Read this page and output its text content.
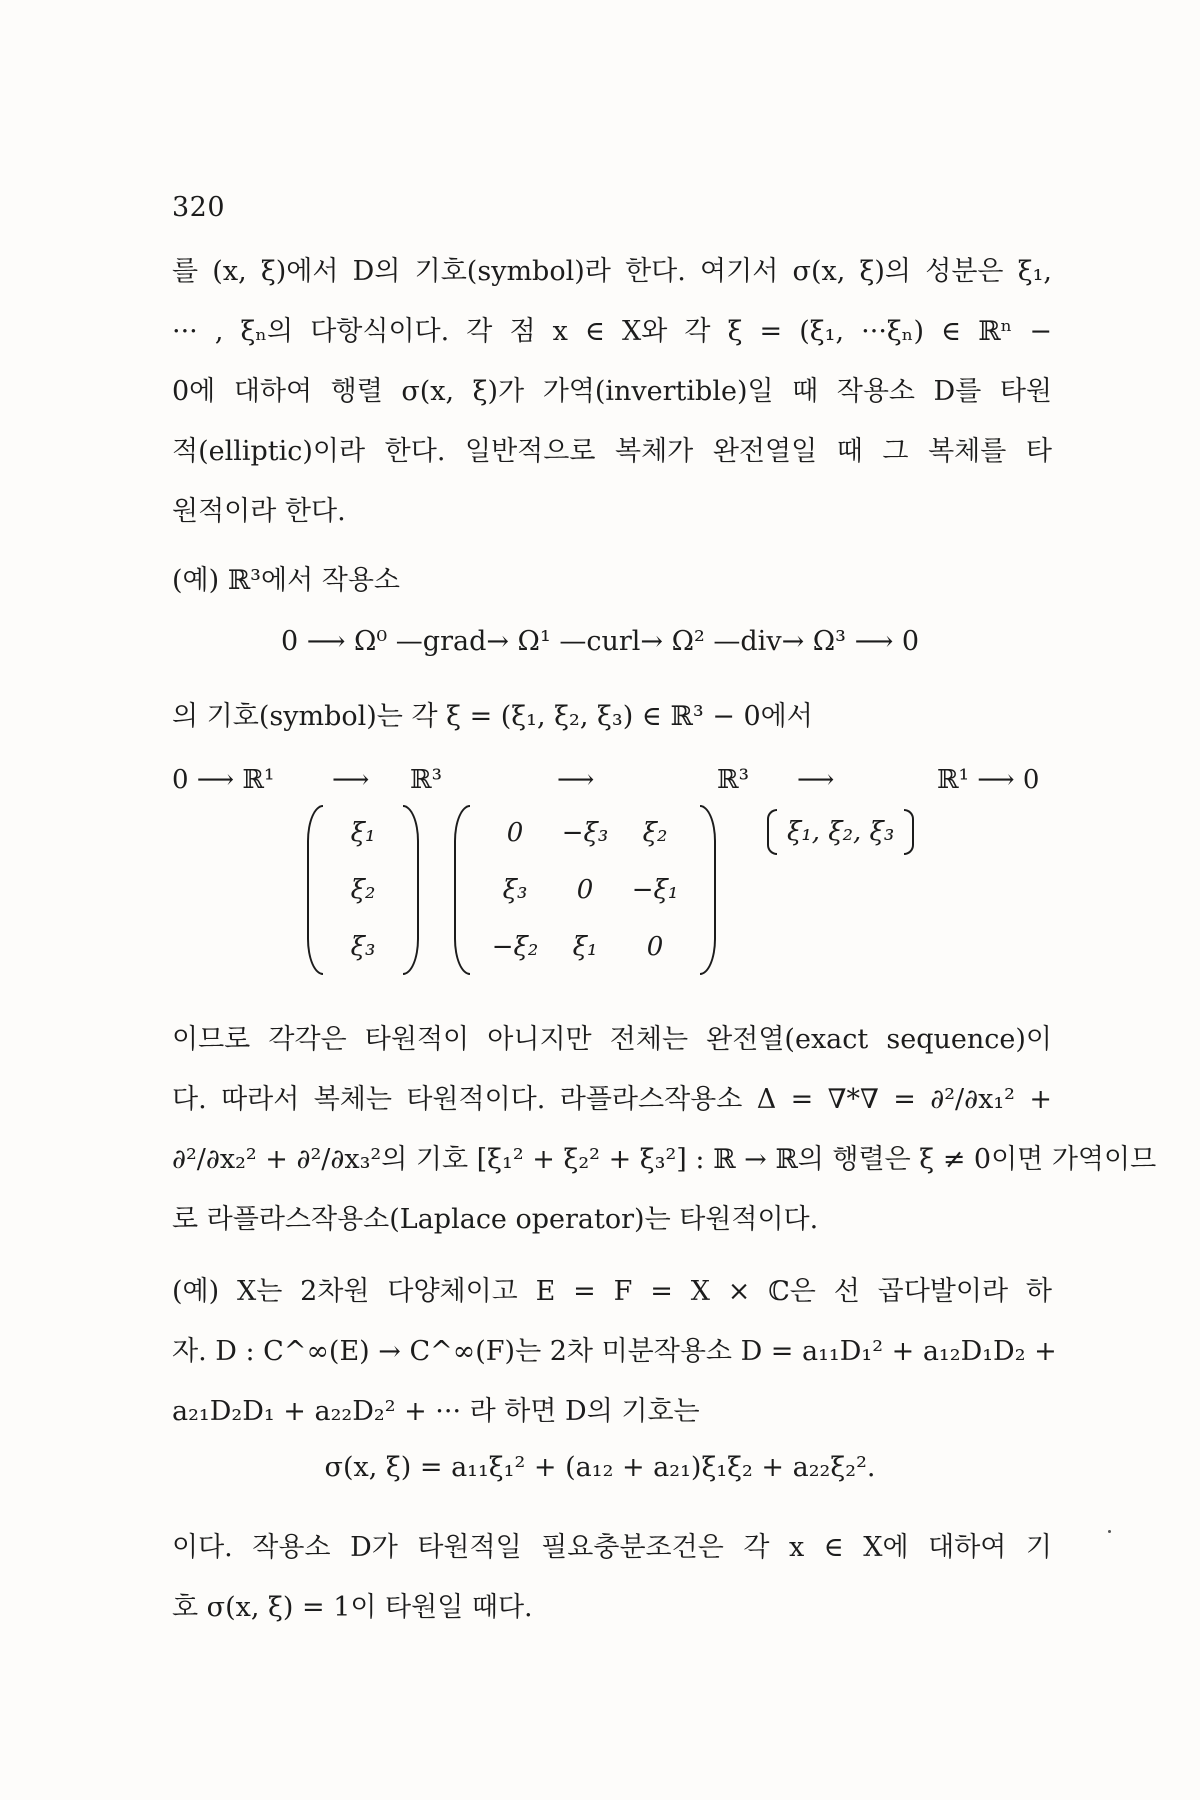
320
를 (x, ξ)에서 D의 기호(symbol)라 한다. 여기서 σ(x, ξ)의 성분은 ξ₁,
··· , ξₙ의 다항식이다. 각 점 x ∈ X와 각 ξ = (ξ₁, ···ξₙ) ∈ ℝⁿ −
0에 대하여 행렬 σ(x, ξ)가 가역(invertible)일 때 작용소 D를 타원
적(elliptic)이라 한다. 일반적으로 복체가 완전열일 때 그 복체를 타
원적이라 한다.
(예) ℝ³에서 작용소
0 ⟶ Ω⁰ —grad→ Ω¹ —curl→ Ω² —div→ Ω³ ⟶ 0
의 기호(symbol)는 각 ξ = (ξ₁, ξ₂, ξ₃) ∈ ℝ³ − 0에서
0 ⟶ ℝ¹ ⟶ ℝ³	⟶	ℝ³ ⟶	ℝ¹ ⟶ 0
ξ₁
ξ₂
ξ₃
0 −ξ₃ ξ₂
ξ₃ 0 −ξ₁
−ξ₂ ξ₁ 0
ξ₁, ξ₂, ξ₃
이므로 각각은 타원적이 아니지만 전체는 완전열(exact sequence)이
다. 따라서 복체는 타원적이다. 라플라스작용소 Δ = ∇*∇ = ∂²/∂x₁² +
∂²/∂x₂² + ∂²/∂x₃²의 기호 [ξ₁² + ξ₂² + ξ₃²] : ℝ → ℝ의 행렬은 ξ ≠ 0이면 가역이므
로 라플라스작용소(Laplace operator)는 타원적이다.
(예) X는 2차원 다양체이고 E = F = X × ℂ은 선 곱다발이라 하
자. D : C^∞(E) → C^∞(F)는 2차 미분작용소 D = a₁₁D₁² + a₁₂D₁D₂ +
a₂₁D₂D₁ + a₂₂D₂² + ··· 라 하면 D의 기호는
σ(x, ξ) = a₁₁ξ₁² + (a₁₂ + a₂₁)ξ₁ξ₂ + a₂₂ξ₂².
이다. 작용소 D가 타원적일 필요충분조건은 각 x ∈ X에 대하여 기
호 σ(x, ξ) = 1이 타원일 때다.
